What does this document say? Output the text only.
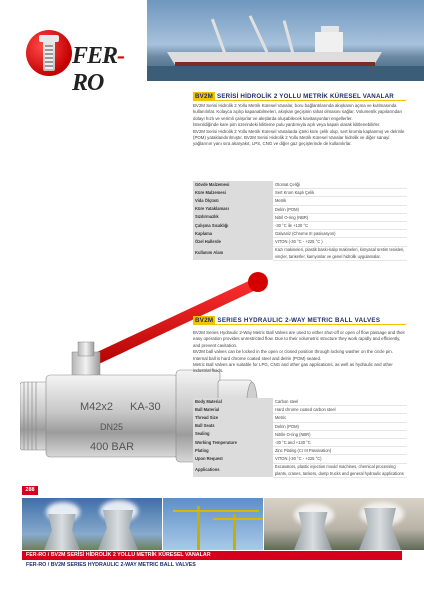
FER-RO
BV2M SERİSİ HİDROLİK 2 YOLLU METRİK KÜRESEL VANALAR

BV2M Serisi Hidrolik 2 Yollu Metrik Küresel Vanalar, boru bağlantılarında akışkanın açma ve kutlmasında kullanılırlar. Kolayca açılıp kapanabilmeleri, akışkan geçişinin rahat olmasını sağlar. Volumetrik yapılarından dolayı hızlı ve verimli çalışırlar ve akışlarda oluşabilecek kavitasyonları engellerler.

İstenildiğinde kare pim üzerindeki kilitleme pulu yardımıyla açık veya kapalı olarak kilitlenebilirler.

BV2M Serisi Hidrolik 2 Yollu Metrik Küresel Vanalarda içteki küre çelik olup, sert kromla kaplanmış ve delrinle (POM) yataklandırılmıştır. BV2M Serisi Hidrolik 2 Yollu Metrik Küresel Vanalar hidrolik ve diğer sanayi yağlarının yanı sıra akaryakıt, LPS, CNG ve diğer gaz geçişlerinde de kullanılırlar.

Gövde Malzemesi	Otomat Çeliği
Küre Malzemesi	Sert Krom Kaplı Çelik
Vida Ölçüsü	Metrik
Küre Yataklaması	Delrin (POM)
Sızdırmazlık	Nitril O-ring (NBR)
Çalışma Sıcaklığı	-30 °C ile +130 °C
Kaplama	Galvaniz (Chrome III pasivasyon)
Özel Hallerde	VITON (-30 °C - +225 °C )
Kullanım Alanı	Kazı makineleri, plastik baskı-kalıp makineleri, kimyasal üretim tesisleri, vinçler, tankerler, kamyonlar ve genel hidrolik uygulamalar.
M42x2 KA-30
DN25
400 BAR
BV2M SERIES HYDRAULIC 2-WAY METRIC BALL VALVES

BV2M Series Hydraulic 2-Way Metric Ball Valves are used to either shut-off or open of flow passage and their easy operation provides unrestricted flow. Due to their volumetric structure they work rapidly and efficiently, and prevent cavitation.

BV2M ball valves can be locked in the open or closed position through locking washer on the circle pin.

Internal ball is hard chrome coated steel and delrin (POM) seated.

Metric Ball Valves are suitable for LPG, CNG and other gas applications, as well as hydraulic and other industrial fluids.

Body Material	Carbon steel
Ball Material	Hard chrome coated carbon steel
Thread Size	Metric
Ball Seats	Delrin (POM)
Sealing	Nitrile O-ring (NBR)
Working Temperature	-30 °C and +130 °C
Plating	Zinc Plating (Cr III Passivation)
Upon Request	VITON (-30 °C - +225 °C)
Applications	Excavators, plastic injection mould machines, chemical processing plants, cranes, tankers, dump trucks and general hydraulic applications
288
FER-RO / BV2M SERİSİ HİDROLİK 2 YOLLU METRİK KÜRESEL VANALAR
FER-RO / BV2M SERIES HYDRAULIC 2-WAY METRIC BALL VALVES
